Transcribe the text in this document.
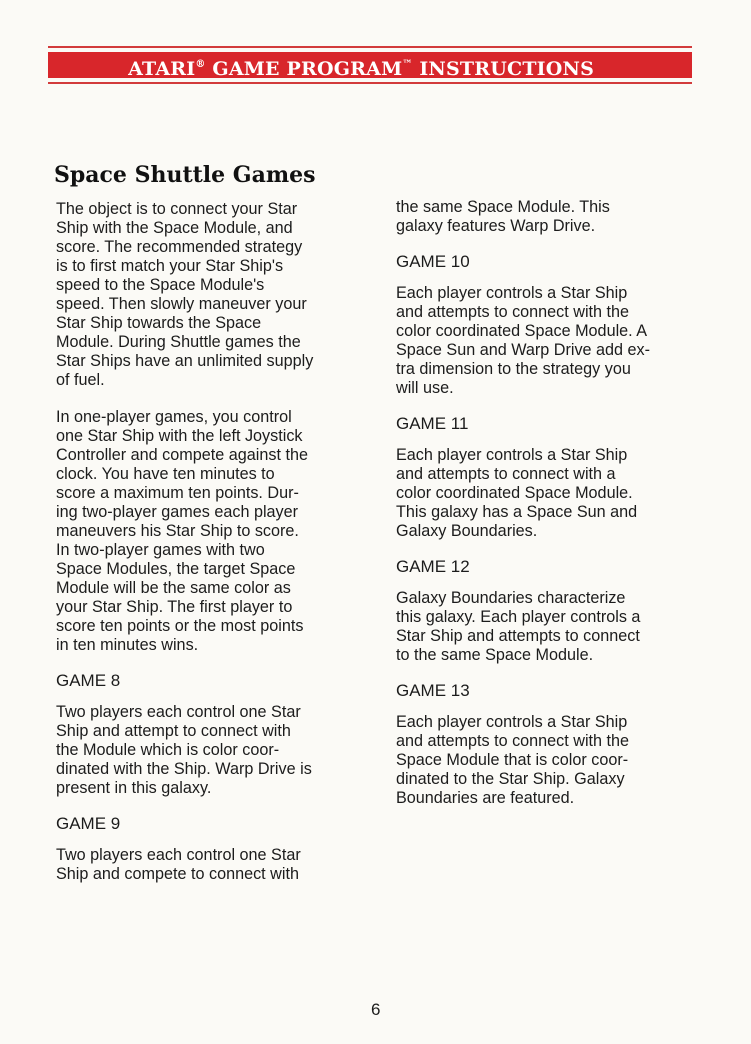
ATARI® GAME PROGRAM™ INSTRUCTIONS
Space Shuttle Games

The object is to connect your Star
Ship with the Space Module, and
score. The recommended strategy
is to first match your Star Ship's
speed to the Space Module's
speed. Then slowly maneuver your
Star Ship towards the Space
Module. During Shuttle games the
Star Ships have an unlimited supply
of fuel.

In one-player games, you control
one Star Ship with the left Joystick
Controller and compete against the
clock. You have ten minutes to
score a maximum ten points. Dur-
ing two-player games each player
maneuvers his Star Ship to score.
In two-player games with two
Space Modules, the target Space
Module will be the same color as
your Star Ship. The first player to
score ten points or the most points
in ten minutes wins.

GAME 8

Two players each control one Star
Ship and attempt to connect with
the Module which is color coor-
dinated with the Ship. Warp Drive is
present in this galaxy.

GAME 9

Two players each control one Star
Ship and compete to connect with

the same Space Module. This
galaxy features Warp Drive.

GAME 10

Each player controls a Star Ship
and attempts to connect with the
color coordinated Space Module. A
Space Sun and Warp Drive add ex-
tra dimension to the strategy you
will use.

GAME 11

Each player controls a Star Ship
and attempts to connect with a
color coordinated Space Module.
This galaxy has a Space Sun and
Galaxy Boundaries.

GAME 12

Galaxy Boundaries characterize
this galaxy. Each player controls a
Star Ship and attempts to connect
to the same Space Module.

GAME 13

Each player controls a Star Ship
and attempts to connect with the
Space Module that is color coor-
dinated to the Star Ship. Galaxy
Boundaries are featured.

6
